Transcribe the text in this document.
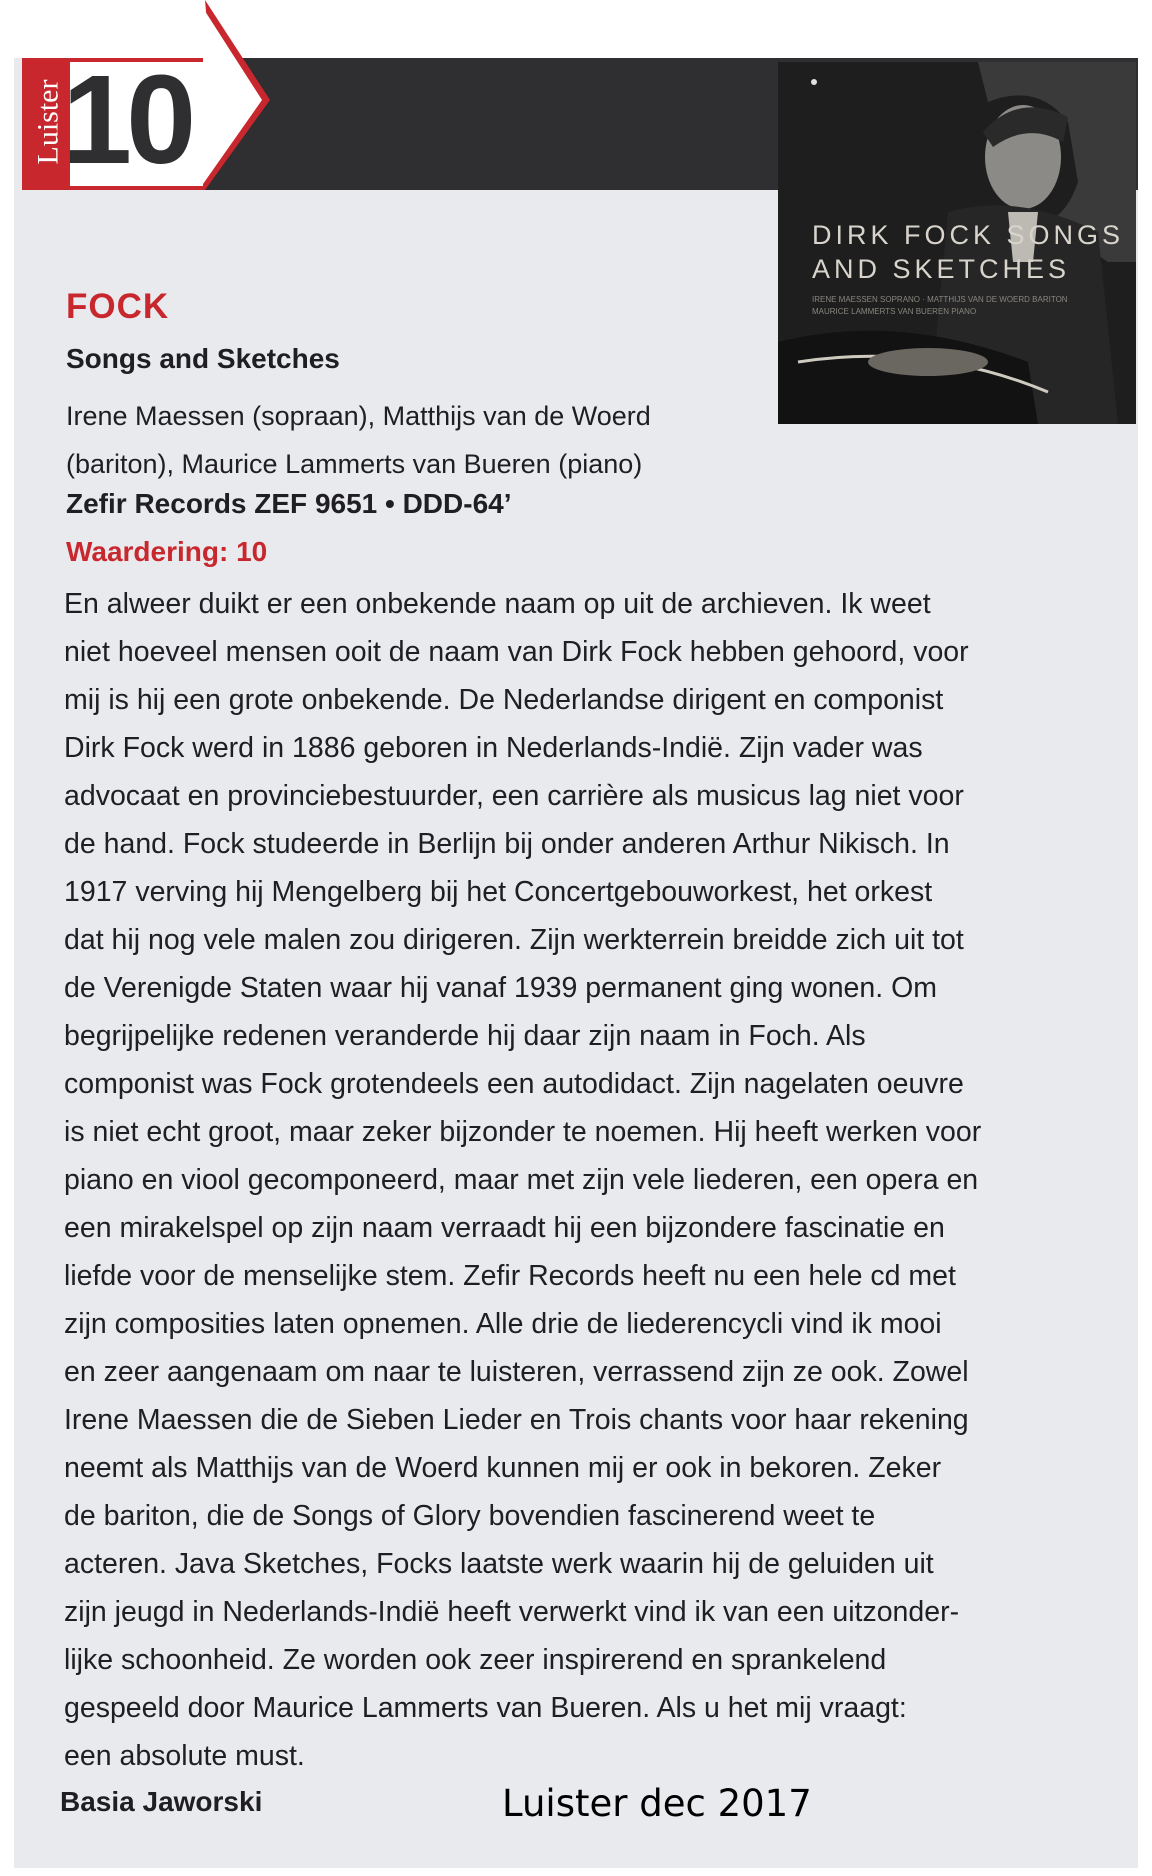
Luister
10
DIRK FOCK SONGS
AND SKETCHES
IRENE MAESSEN SOPRANO · MATTHIJS VAN DE WOERD BARITON
MAURICE LAMMERTS VAN BUEREN PIANO
FOCK
Songs and Sketches
Irene Maessen (sopraan), Matthijs van de Woerd
(bariton), Maurice Lammerts van Bueren (piano)
Zefir Records ZEF 9651 • DDD-64’
Waardering: 10
En alweer duikt er een onbekende naam op uit de archieven. Ik weet
niet hoeveel mensen ooit de naam van Dirk Fock hebben gehoord, voor
mij is hij een grote onbekende. De Nederlandse dirigent en componist
Dirk Fock werd in 1886 geboren in Nederlands-Indië. Zijn vader was
advocaat en provinciebestuurder, een carrière als musicus lag niet voor
de hand. Fock studeerde in Berlijn bij onder anderen Arthur Nikisch. In
1917 verving hij Mengelberg bij het Concertgebouworkest, het orkest
dat hij nog vele malen zou dirigeren. Zijn werkterrein breidde zich uit tot
de Verenigde Staten waar hij vanaf 1939 permanent ging wonen. Om
begrijpelijke redenen veranderde hij daar zijn naam in Foch. Als
componist was Fock grotendeels een autodidact. Zijn nagelaten oeuvre
is niet echt groot, maar zeker bijzonder te noemen. Hij heeft werken voor
piano en viool gecomponeerd, maar met zijn vele liederen, een opera en
een mirakelspel op zijn naam verraadt hij een bijzondere fascinatie en
liefde voor de menselijke stem. Zefir Records heeft nu een hele cd met
zijn composities laten opnemen. Alle drie de liederencycli vind ik mooi
en zeer aangenaam om naar te luisteren, verrassend zijn ze ook. Zowel
Irene Maessen die de Sieben Lieder en Trois chants voor haar rekening
neemt als Matthijs van de Woerd kunnen mij er ook in bekoren. Zeker
de bariton, die de Songs of Glory bovendien fascinerend weet te
acteren. Java Sketches, Focks laatste werk waarin hij de geluiden uit
zijn jeugd in Nederlands-Indië heeft verwerkt vind ik van een uitzonder-
lijke schoonheid. Ze worden ook zeer inspirerend en sprankelend
gespeeld door Maurice Lammerts van Bueren. Als u het mij vraagt:
een absolute must.
Basia Jaworski	Luister dec 2017
